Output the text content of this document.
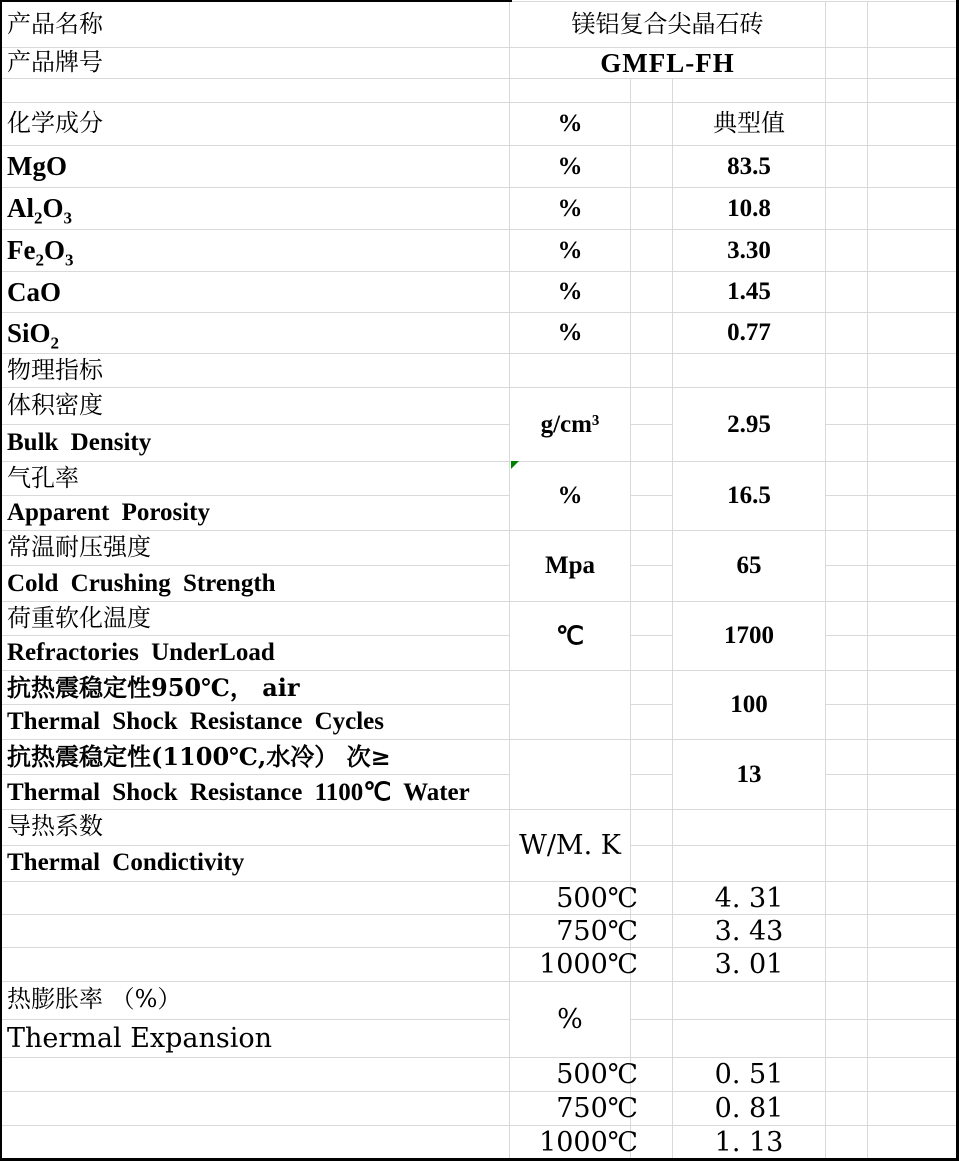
产品名称	镁铝复合尖晶石砖
产品牌号	GMFL-FH
化学成分	%	典型值
MgO	%	83.5
$Al_2O_3$	%	10.8
$Fe_2O_3$	%	3.30
CaO	%	1.45
SiO$_2$	%	0.77
物理指标
体积密度
Bulk Density
g/cm³	2.95
气孔率
Apparent Porosity
%	16.5
常温耐压强度
Cold Crushing Strength
Mpa	65
荷重软化温度
Refractories UnderLoad
℃	1700
抗热震稳定性950℃， air
Thermal Shock Resistance Cycles
100
抗热震稳定性(1100℃,水冷） 次≥
Thermal Shock Resistance 1100℃ Water
13
导热系数
Thermal Condictivity
W/M. K
500℃	4. 31
750℃	3. 43
1000℃	3. 01
热膨胀率 （%）
Thermal Expansion
%
500℃	0. 51
750℃	0. 81
1000℃	1. 13
